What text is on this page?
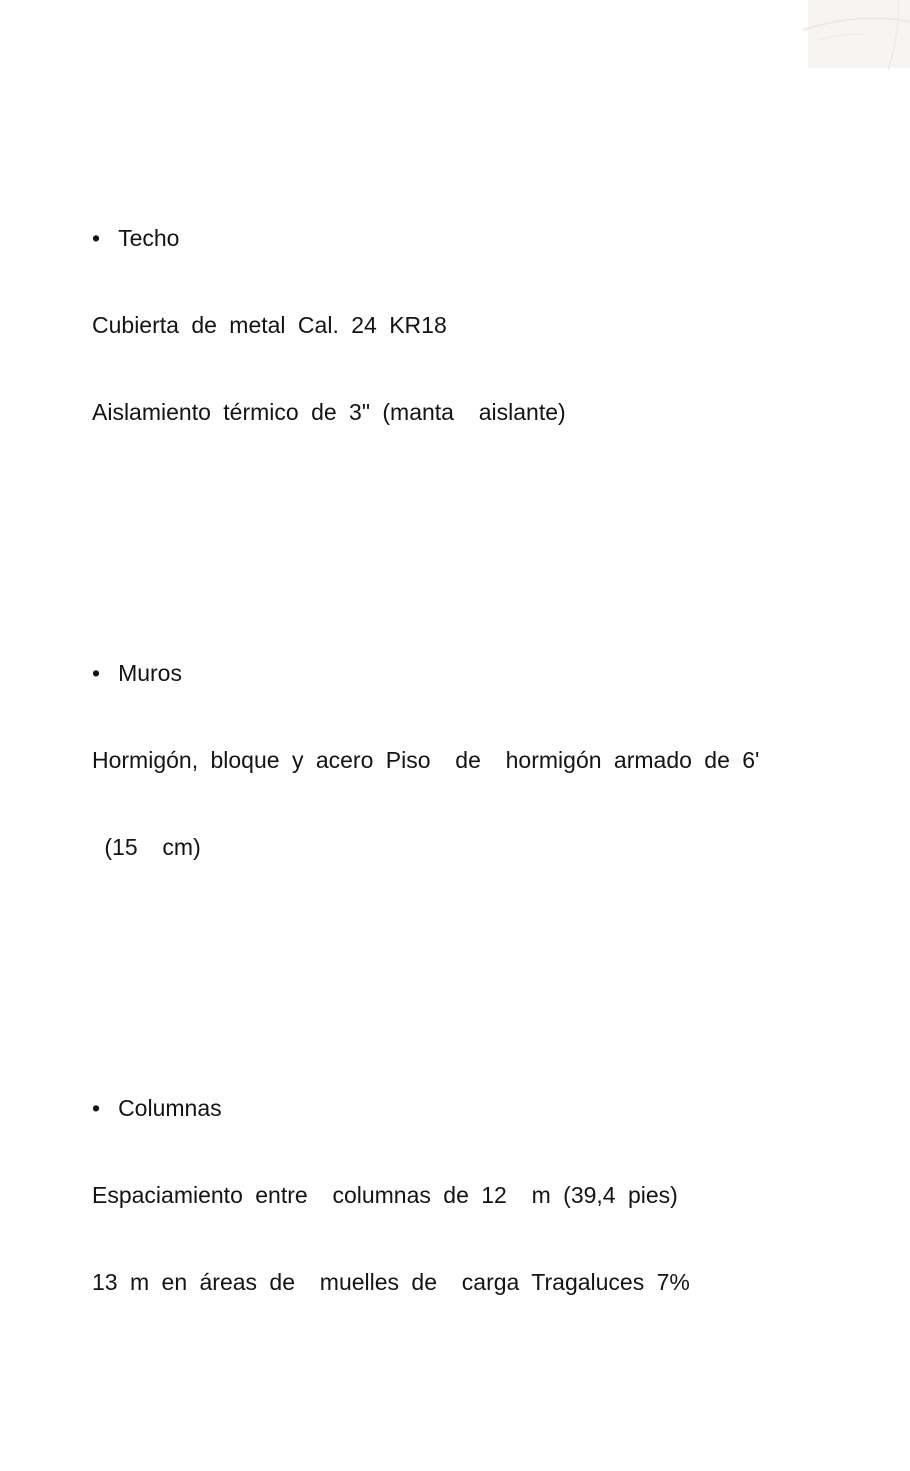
• Techo

Cubierta de metal Cal. 24 KR18

Aislamiento térmico de 3" (manta  aislante)

• Muros

Hormigón, bloque y acero Piso  de  hormigón armado de 6'

(15  cm)

• Columnas

Espaciamiento entre  columnas de 12  m (39,4 pies)

13 m en áreas de  muelles de  carga Tragaluces 7%
